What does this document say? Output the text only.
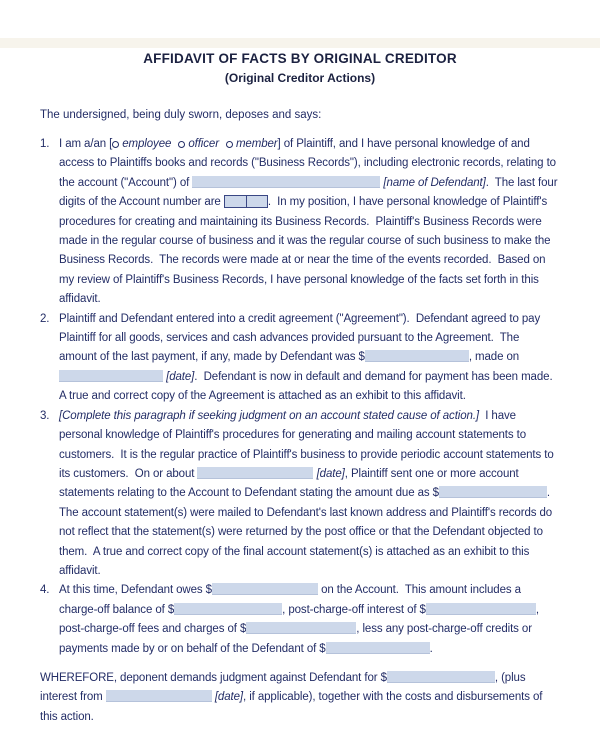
AFFIDAVIT OF FACTS BY ORIGINAL CREDITOR
(Original Creditor Actions)

The undersigned, being duly sworn, deposes and says:

1. I am a/an [ employee officer member] of Plaintiff, and I have personal knowledge of and access to Plaintiffs books and records ("Business Records"), including electronic records, relating to the account ("Account") of	[name of Defendant].  The last four digits of the Account number are	.  In my position, I have personal knowledge of Plaintiff's procedures for creating and maintaining its Business Records.  Plaintiff's Business Records were made in the regular course of business and it was the regular course of such business to make the Business Records.  The records were made at or near the time of the events recorded.  Based on my review of Plaintiff's Business Records, I have personal knowledge of the facts set forth in this affidavit.

2. Plaintiff and Defendant entered into a credit agreement ("Agreement").  Defendant agreed to pay Plaintiff for all goods, services and cash advances provided pursuant to the Agreement.  The amount of the last payment, if any, made by Defendant was $	, made on  [date].  Defendant is now in default and demand for payment has been made.  A true and correct copy of the Agreement is attached as an exhibit to this affidavit.

3. [Complete this paragraph if seeking judgment on an account stated cause of action.]  I have personal knowledge of Plaintiff's procedures for generating and mailing account statements to customers.  It is the regular practice of Plaintiff's business to provide periodic account statements to its customers.  On or about	[date], Plaintiff sent one or more account statements relating to the Account to Defendant stating the amount due as $	.  The account statement(s) were mailed to Defendant's last known address and Plaintiff's records do not reflect that the statement(s) were returned by the post office or that the Defendant objected to them.  A true and correct copy of the final account statement(s) is attached as an exhibit to this affidavit.

4. At this time, Defendant owes $	on the Account.  This amount includes a charge-off balance of $	, post-charge-off interest of $	, post-charge-off fees and charges of $	, less any post-charge-off credits or payments made by or on behalf of the Defendant of $	.

WHEREFORE, deponent demands judgment against Defendant for $	, (plus interest from	[date], if applicable), together with the costs and disbursements of this action.
